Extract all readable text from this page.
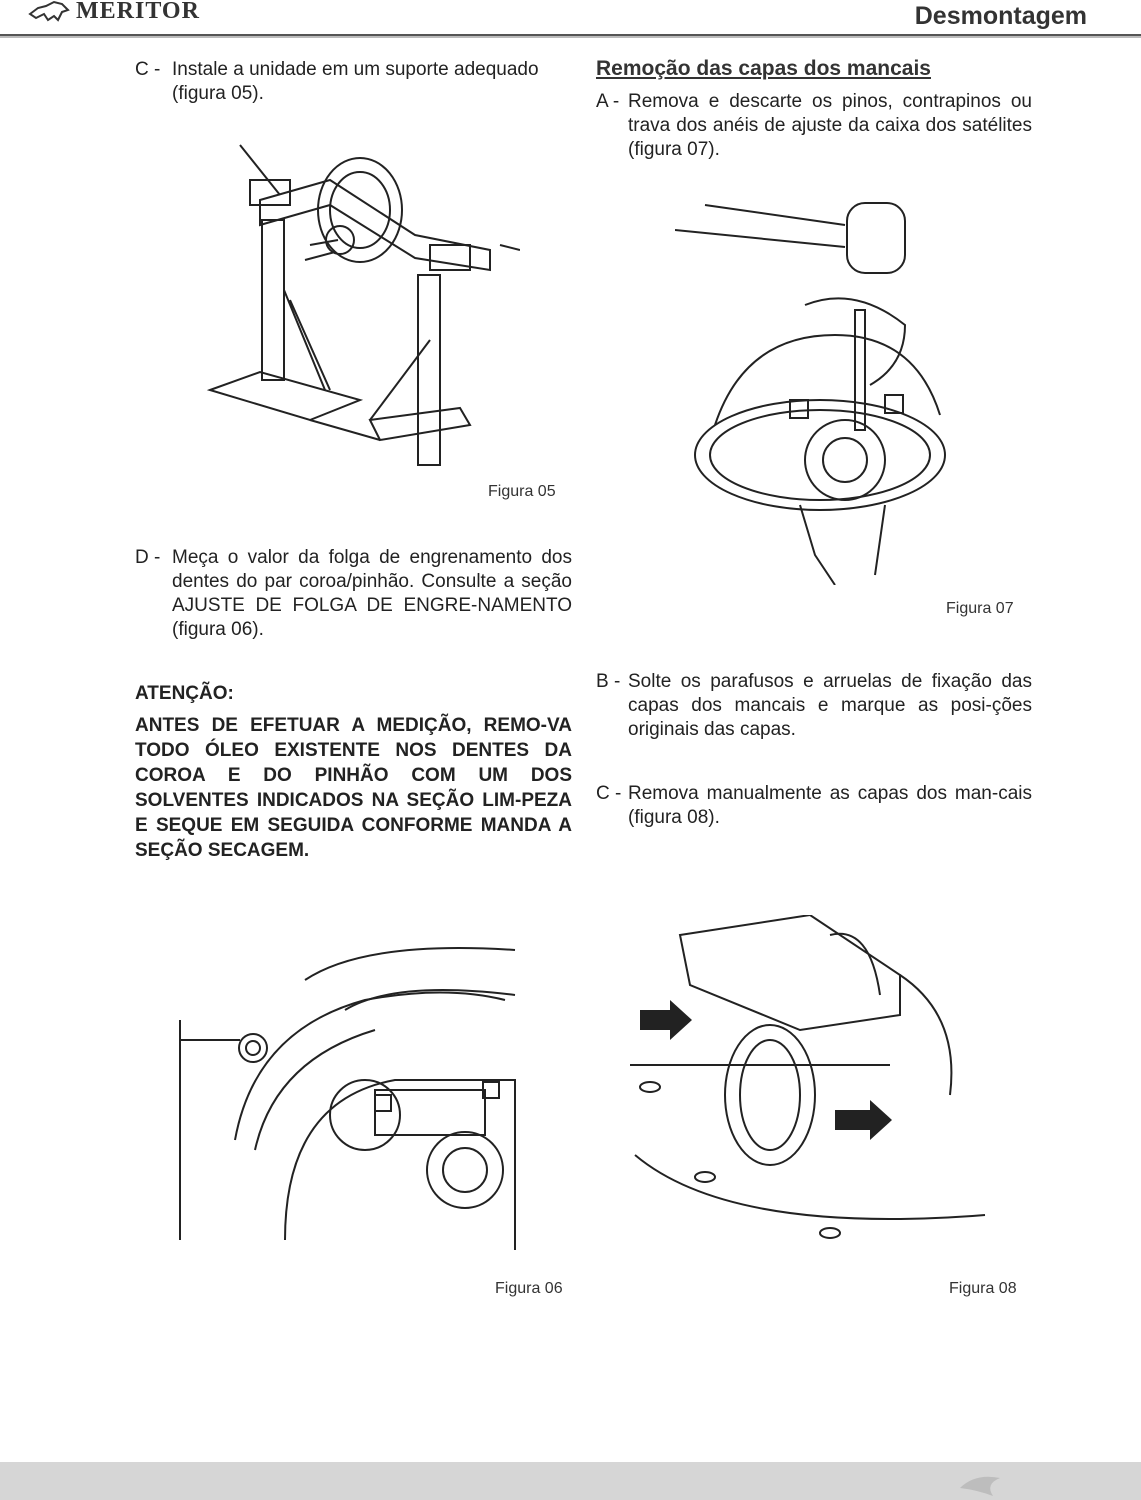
MERITOR	Desmontagem
C - Instale a unidade em um suporte adequado (figura 05).
Figura 05
D - Meça o valor da folga de engrenamento dos dentes do par coroa/pinhão. Consulte a seção AJUSTE DE FOLGA DE ENGRE-NAMENTO (figura 06).
ATENÇÃO:
ANTES DE EFETUAR A MEDIÇÃO, REMO-VA TODO ÓLEO EXISTENTE NOS DENTES DA COROA E DO PINHÃO COM UM DOS SOLVENTES INDICADOS NA SEÇÃO LIM-PEZA E SEQUE EM SEGUIDA CONFORME MANDA A SEÇÃO SECAGEM.
Figura 06
Remoção das capas dos mancais
A - Remova e descarte os pinos, contrapinos ou trava dos anéis de ajuste da caixa dos satélites (figura 07).
Figura 07
B - Solte os parafusos e arruelas de fixação das capas dos mancais e marque as posi-ções originais das capas.
C - Remova manualmente as capas dos man-cais (figura 08).
Figura 08
